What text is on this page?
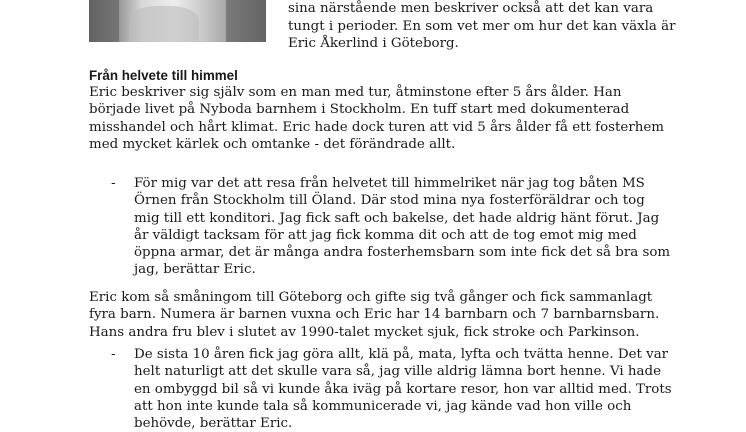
sina närstående men beskriver också att det kan vara
tungt i perioder. En som vet mer om hur det kan växla är
Eric Åkerlind i Göteborg.

Från helvete till himmel

Eric beskriver sig själv som en man med tur, åtminstone efter 5 års ålder. Han
började livet på Nyboda barnhem i Stockholm. En tuff start med dokumenterad
misshandel och hårt klimat. Eric hade dock turen att vid 5 års ålder få ett fosterhem
med mycket kärlek och omtanke - det förändrade allt.

- För mig var det att resa från helvetet till himmelriket när jag tog båten MS
Örnen från Stockholm till Öland. Där stod mina nya fosterföräldrar och tog
mig till ett konditori. Jag fick saft och bakelse, det hade aldrig hänt förut. Jag
år väldigt tacksam för att jag fick komma dit och att de tog emot mig med
öppna armar, det är många andra fosterhemsbarn som inte fick det så bra som
jag, berättar Eric.

Eric kom så småningom till Göteborg och gifte sig två gånger och fick sammanlagt
fyra barn. Numera är barnen vuxna och Eric har 14 barnbarn och 7 barnbarnsbarn.
Hans andra fru blev i slutet av 1990-talet mycket sjuk, fick stroke och Parkinson.

- De sista 10 åren fick jag göra allt, klä på, mata, lyfta och tvätta henne. Det var
helt naturligt att det skulle vara så, jag ville aldrig lämna bort henne. Vi hade
en ombyggd bil så vi kunde åka iväg på kortare resor, hon var alltid med. Trots
att hon inte kunde tala så kommunicerade vi, jag kände vad hon ville och
behövde, berättar Eric.
